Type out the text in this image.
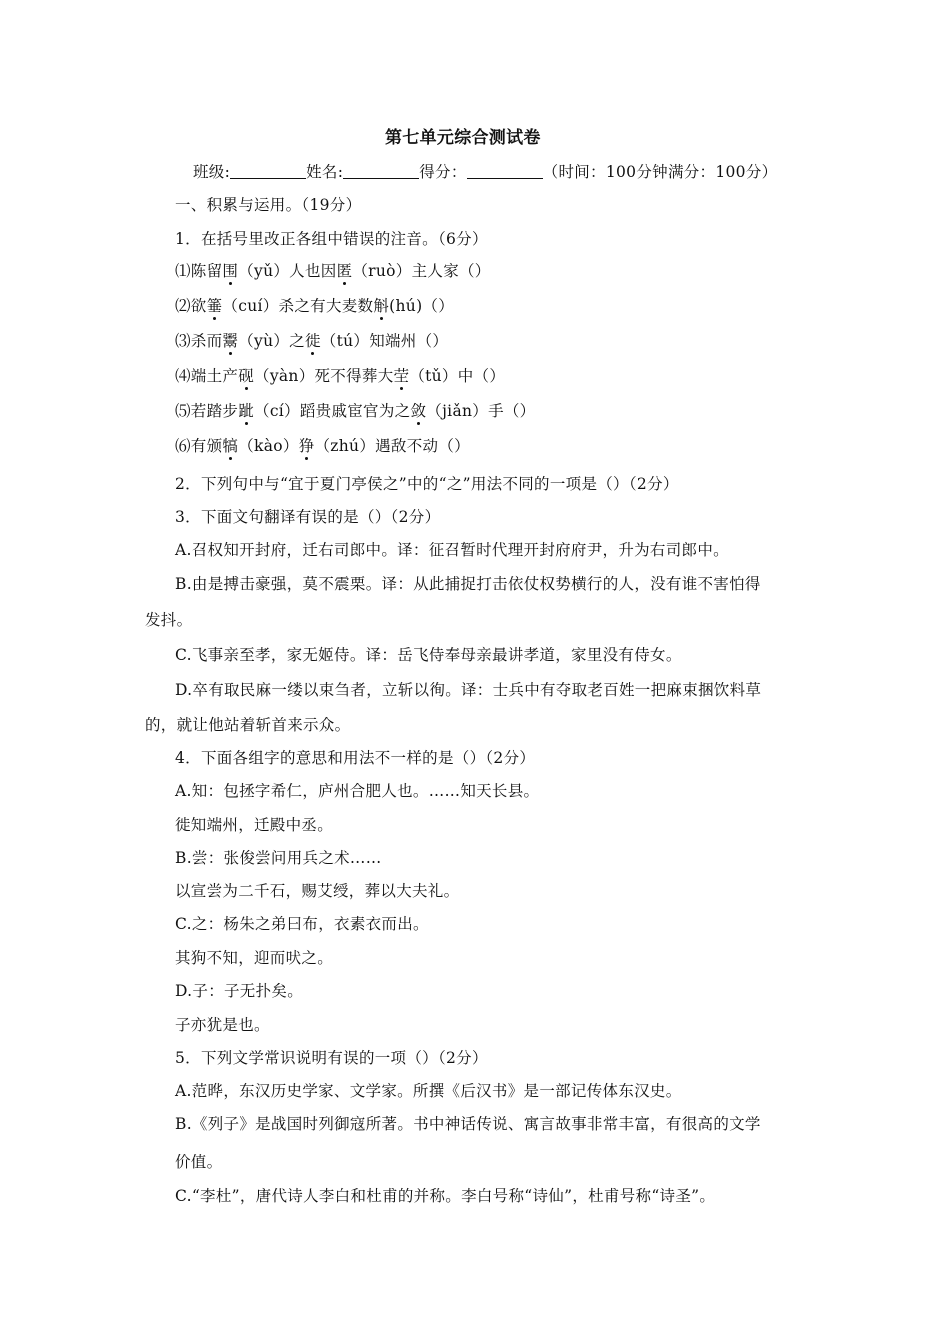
第七单元综合测试卷
班级:	姓名:	得分：	（时间：100分钟满分：100分）
一、积累与运用。（19分）
1．在括号里改正各组中错误的注音。（6分）
⑴陈留围（yǔ）人也因匿（ruò）主人家（）
⑵欲箠（cuí）杀之有大麦数斛(hú)（）
⑶杀而鬻（yù）之徙（tú）知端州（）
⑷端土产砚（yàn）死不得葬大茔（tǔ）中（）
⑸若踏步跐（cí）蹈贵戚宦官为之敛（jiǎn）手（）
⑹有颁犒（kào）狰（zhú）遇敌不动（）
2．下列句中与“宜于夏门亭侯之”中的“之”用法不同的一项是（）（2分）
3．下面文句翻译有误的是（）（2分）
A.召权知开封府，迁右司郎中。译：征召暂时代理开封府府尹，升为右司郎中。
B.由是搏击豪强，莫不震栗。译：从此捕捉打击依仗权势横行的人，没有谁不害怕得
发抖。
C.飞事亲至孝，家无姬侍。译：岳飞侍奉母亲最讲孝道，家里没有侍女。
D.卒有取民麻一缕以束刍者，立斩以徇。译：士兵中有夺取老百姓一把麻束捆饮料草
的，就让他站着斩首来示众。
4．下面各组字的意思和用法不一样的是（）（2分）
A.知：包拯字希仁，庐州合肥人也。……知天长县。
徙知端州，迁殿中丞。
B.尝：张俊尝问用兵之术……
以宣尝为二千石，赐艾绶，葬以大夫礼。
C.之：杨朱之弟曰布，衣素衣而出。
其狗不知，迎而吠之。
D.子：子无扑矣。
子亦犹是也。
5．下列文学常识说明有误的一项（）（2分）
A.范晔，东汉历史学家、文学家。所撰《后汉书》是一部记传体东汉史。
B.《列子》是战国时列御寇所著。书中神话传说、寓言故事非常丰富，有很高的文学
价值。
C.“李杜”，唐代诗人李白和杜甫的并称。李白号称“诗仙”，杜甫号称“诗圣”。
